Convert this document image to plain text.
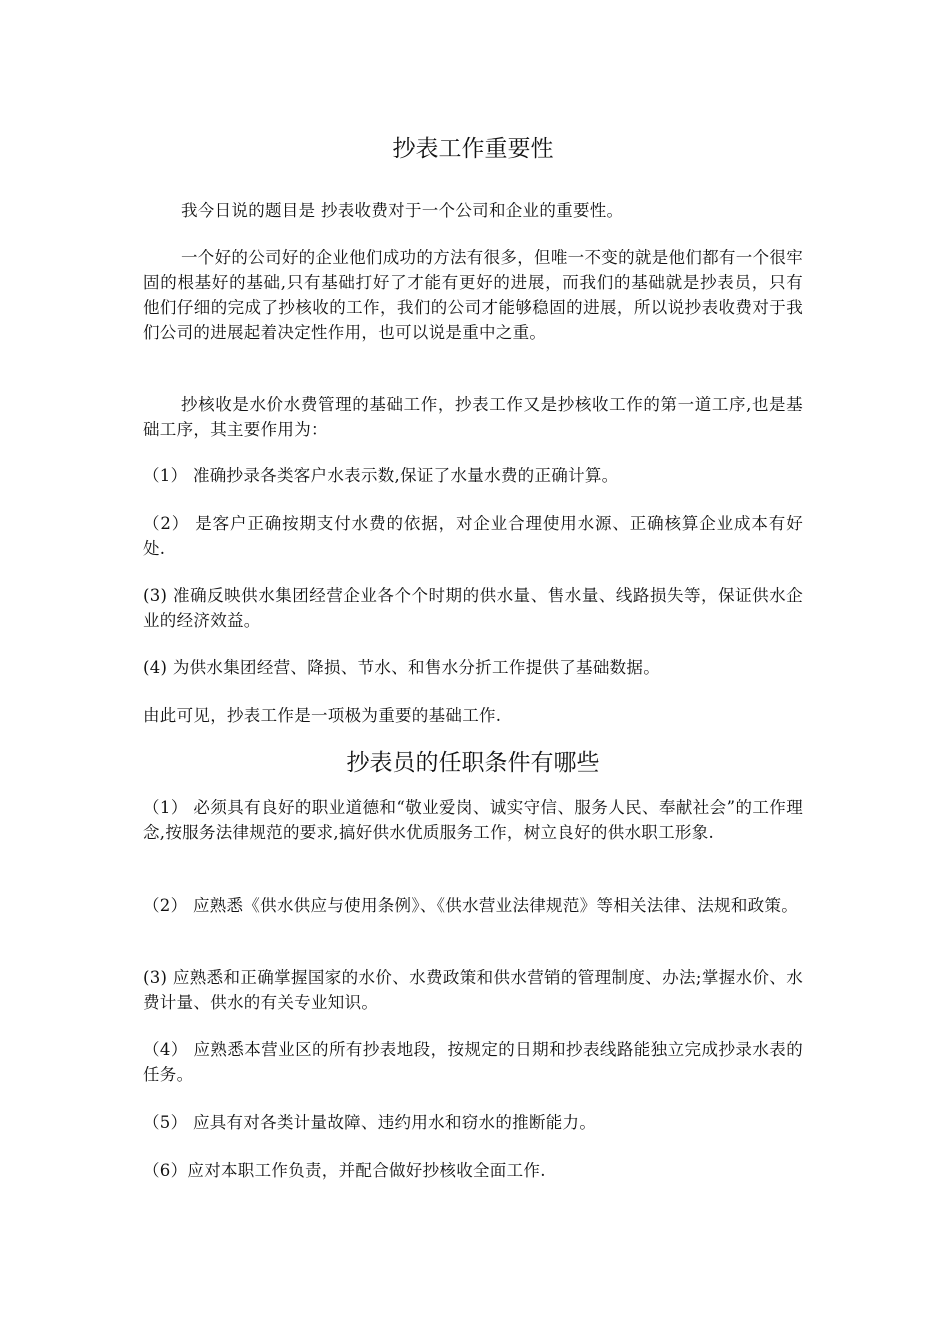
抄表工作重要性

我今日说的题目是 抄表收费对于一个公司和企业的重要性。

一个好的公司好的企业他们成功的方法有很多，但唯一不变的就是他们都有一个很牢固的根基好的基础,只有基础打好了才能有更好的进展，而我们的基础就是抄表员，只有他们仔细的完成了抄核收的工作，我们的公司才能够稳固的进展，所以说抄表收费对于我们公司的进展起着决定性作用，也可以说是重中之重。

抄核收是水价水费管理的基础工作，抄表工作又是抄核收工作的第一道工序,也是基础工序，其主要作用为：

（1） 准确抄录各类客户水表示数,保证了水量水费的正确计算。

（2） 是客户正确按期支付水费的依据，对企业合理使用水源、正确核算企业成本有好处.

(3) 准确反映供水集团经营企业各个个时期的供水量、售水量、线路损失等，保证供水企业的经济效益。

(4) 为供水集团经营、降损、节水、和售水分折工作提供了基础数据。

由此可见，抄表工作是一项极为重要的基础工作.

抄表员的任职条件有哪些

（1） 必须具有良好的职业道德和“敬业爱岗、诚实守信、服务人民、奉献社会”的工作理念,按服务法律规范的要求,搞好供水优质服务工作，树立良好的供水职工形象.

（2） 应熟悉《供水供应与使用条例》、《供水营业法律规范》等相关法律、法规和政策。

(3) 应熟悉和正确掌握国家的水价、水费政策和供水营销的管理制度、办法;掌握水价、水费计量、供水的有关专业知识。

（4） 应熟悉本营业区的所有抄表地段，按规定的日期和抄表线路能独立完成抄录水表的任务。

（5） 应具有对各类计量故障、违约用水和窃水的推断能力。

（6）应对本职工作负责，并配合做好抄核收全面工作.
